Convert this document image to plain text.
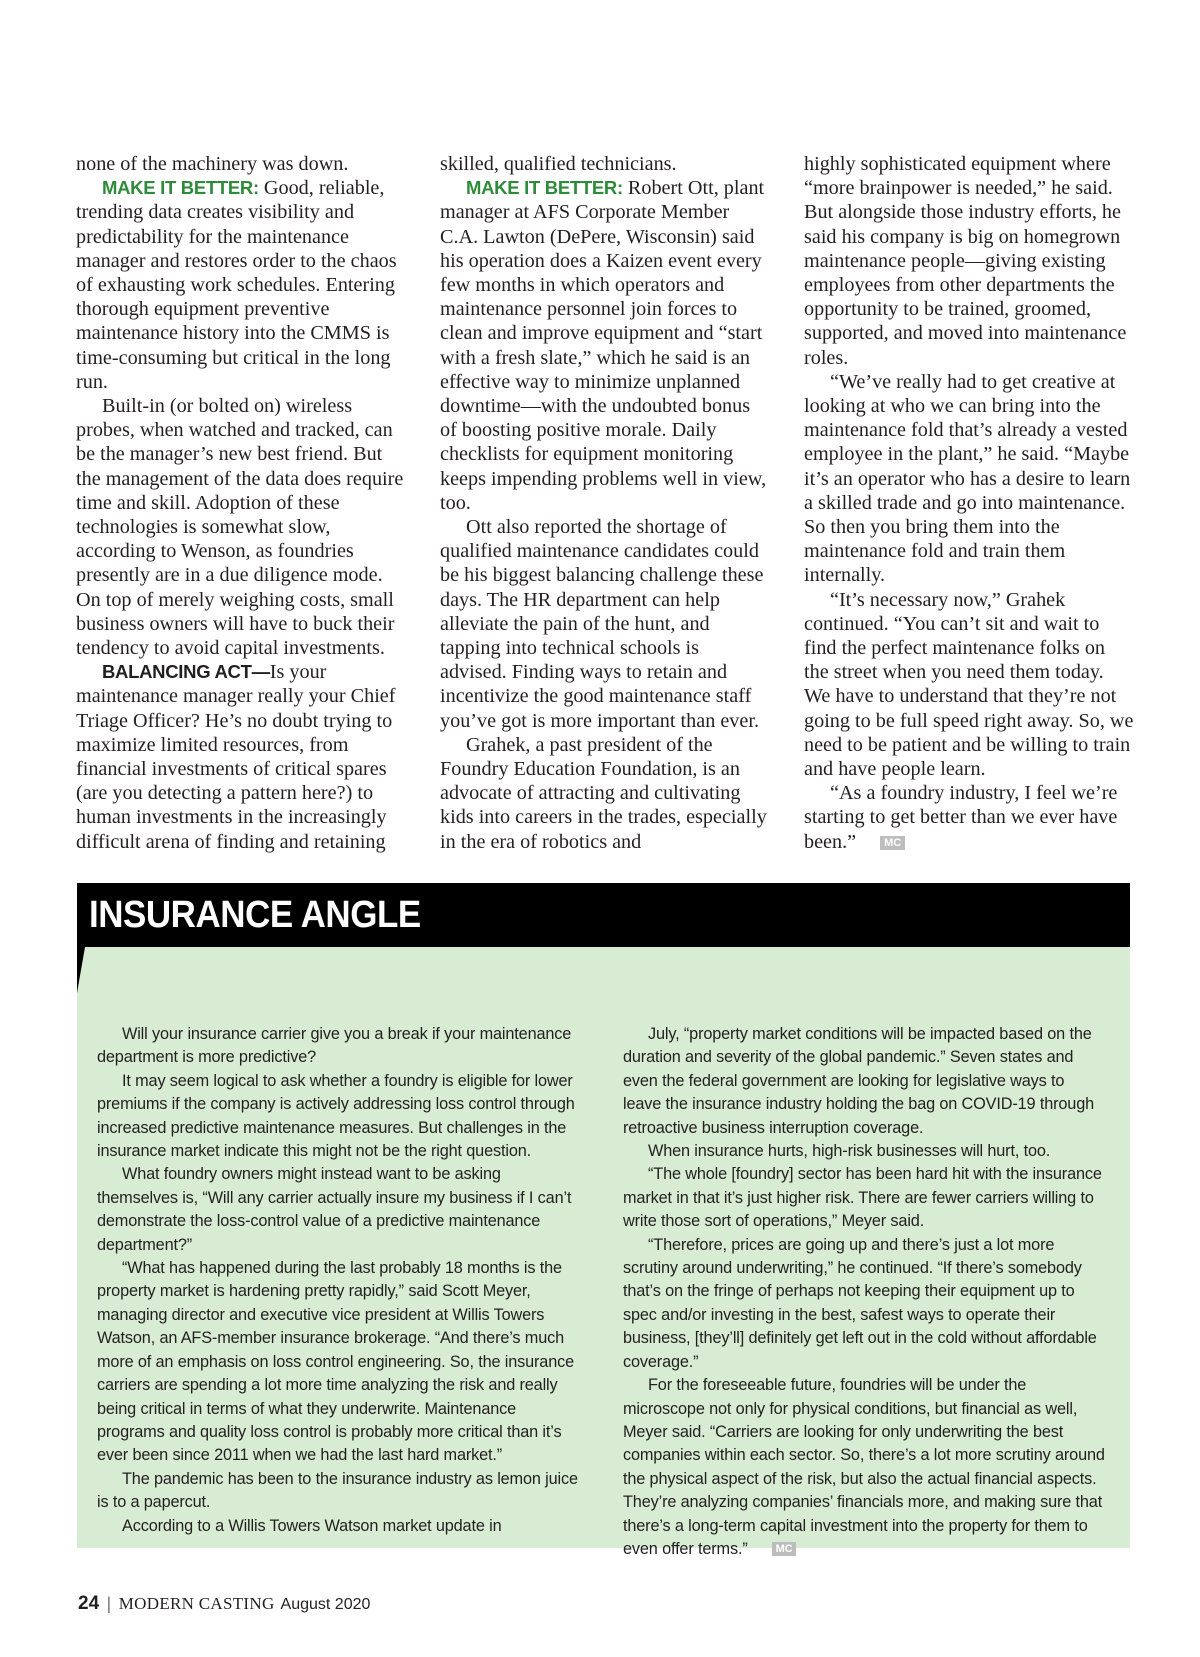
none of the machinery was down.

MAKE IT BETTER: Good, reliable, trending data creates visibility and predictability for the maintenance manager and restores order to the chaos of exhausting work schedules. Entering thorough equipment preventive maintenance history into the CMMS is time-consuming but critical in the long run.

Built-in (or bolted on) wireless probes, when watched and tracked, can be the manager’s new best friend. But the management of the data does require time and skill. Adoption of these technologies is somewhat slow, according to Wenson, as foundries presently are in a due diligence mode. On top of merely weighing costs, small business owners will have to buck their tendency to avoid capital investments.

BALANCING ACT—Is your maintenance manager really your Chief Triage Officer? He’s no doubt trying to maximize limited resources, from financial investments of critical spares (are you detecting a pattern here?) to human investments in the increasingly difficult arena of finding and retaining

skilled, qualified technicians.

MAKE IT BETTER: Robert Ott, plant manager at AFS Corporate Member C.A. Lawton (DePere, Wisconsin) said his operation does a Kaizen event every few months in which operators and maintenance personnel join forces to clean and improve equipment and “start with a fresh slate,” which he said is an effective way to minimize unplanned downtime—with the undoubted bonus of boosting positive morale. Daily checklists for equipment monitoring keeps impending problems well in view, too.

Ott also reported the shortage of qualified maintenance candidates could be his biggest balancing challenge these days. The HR department can help alleviate the pain of the hunt, and tapping into technical schools is advised. Finding ways to retain and incentivize the good maintenance staff you’ve got is more important than ever.

Grahek, a past president of the Foundry Education Foundation, is an advocate of attracting and cultivating kids into careers in the trades, especially in the era of robotics and

highly sophisticated equipment where “more brainpower is needed,” he said. But alongside those industry efforts, he said his company is big on homegrown maintenance people—giving existing employees from other departments the opportunity to be trained, groomed, supported, and moved into maintenance roles.

“We’ve really had to get creative at looking at who we can bring into the maintenance fold that’s already a vested employee in the plant,” he said. “Maybe it’s an operator who has a desire to learn a skilled trade and go into maintenance. So then you bring them into the maintenance fold and train them internally.

“It’s necessary now,” Grahek continued. “You can’t sit and wait to find the perfect maintenance folks on the street when you need them today. We have to understand that they’re not going to be full speed right away. So, we need to be patient and be willing to train and have people learn.

“As a foundry industry, I feel we’re starting to get better than we ever have been.”	MC

Will your insurance carrier give you a break if your maintenance department is more predictive?

It may seem logical to ask whether a foundry is eligible for lower premiums if the company is actively addressing loss control through increased predictive maintenance measures. But challenges in the insurance market indicate this might not be the right question.

What foundry owners might instead want to be asking themselves is, “Will any carrier actually insure my business if I can’t demonstrate the loss-control value of a predictive maintenance department?”

“What has happened during the last probably 18 months is the property market is hardening pretty rapidly,” said Scott Meyer, managing director and executive vice president at Willis Towers Watson, an AFS-member insurance brokerage. “And there’s much more of an emphasis on loss control engineering. So, the insurance carriers are spending a lot more time analyzing the risk and really being critical in terms of what they underwrite. Maintenance programs and quality loss control is probably more critical than it’s ever been since 2011 when we had the last hard market.”

The pandemic has been to the insurance industry as lemon juice is to a papercut.

According to a Willis Towers Watson market update in

July, “property market conditions will be impacted based on the duration and severity of the global pandemic.” Seven states and even the federal government are looking for legislative ways to leave the insurance industry holding the bag on COVID-19 through retroactive business interruption coverage.

When insurance hurts, high-risk businesses will hurt, too.

“The whole [foundry] sector has been hard hit with the insurance market in that it’s just higher risk. There are fewer carriers willing to write those sort of operations,” Meyer said.

“Therefore, prices are going up and there’s just a lot more scrutiny around underwriting,” he continued. “If there’s somebody that’s on the fringe of perhaps not keeping their equipment up to spec and/or investing in the best, safest ways to operate their business, [they’ll] definitely get left out in the cold without affordable coverage.”

For the foreseeable future, foundries will be under the microscope not only for physical conditions, but financial as well, Meyer said. “Carriers are looking for only underwriting the best companies within each sector. So, there’s a lot more scrutiny around the physical aspect of the risk, but also the actual financial aspects. They’re analyzing companies’ financials more, and making sure that there’s a long-term capital investment into the property for them to even offer terms.”	MC

INSURANCE ANGLE
24 | MODERN CASTING August 2020
